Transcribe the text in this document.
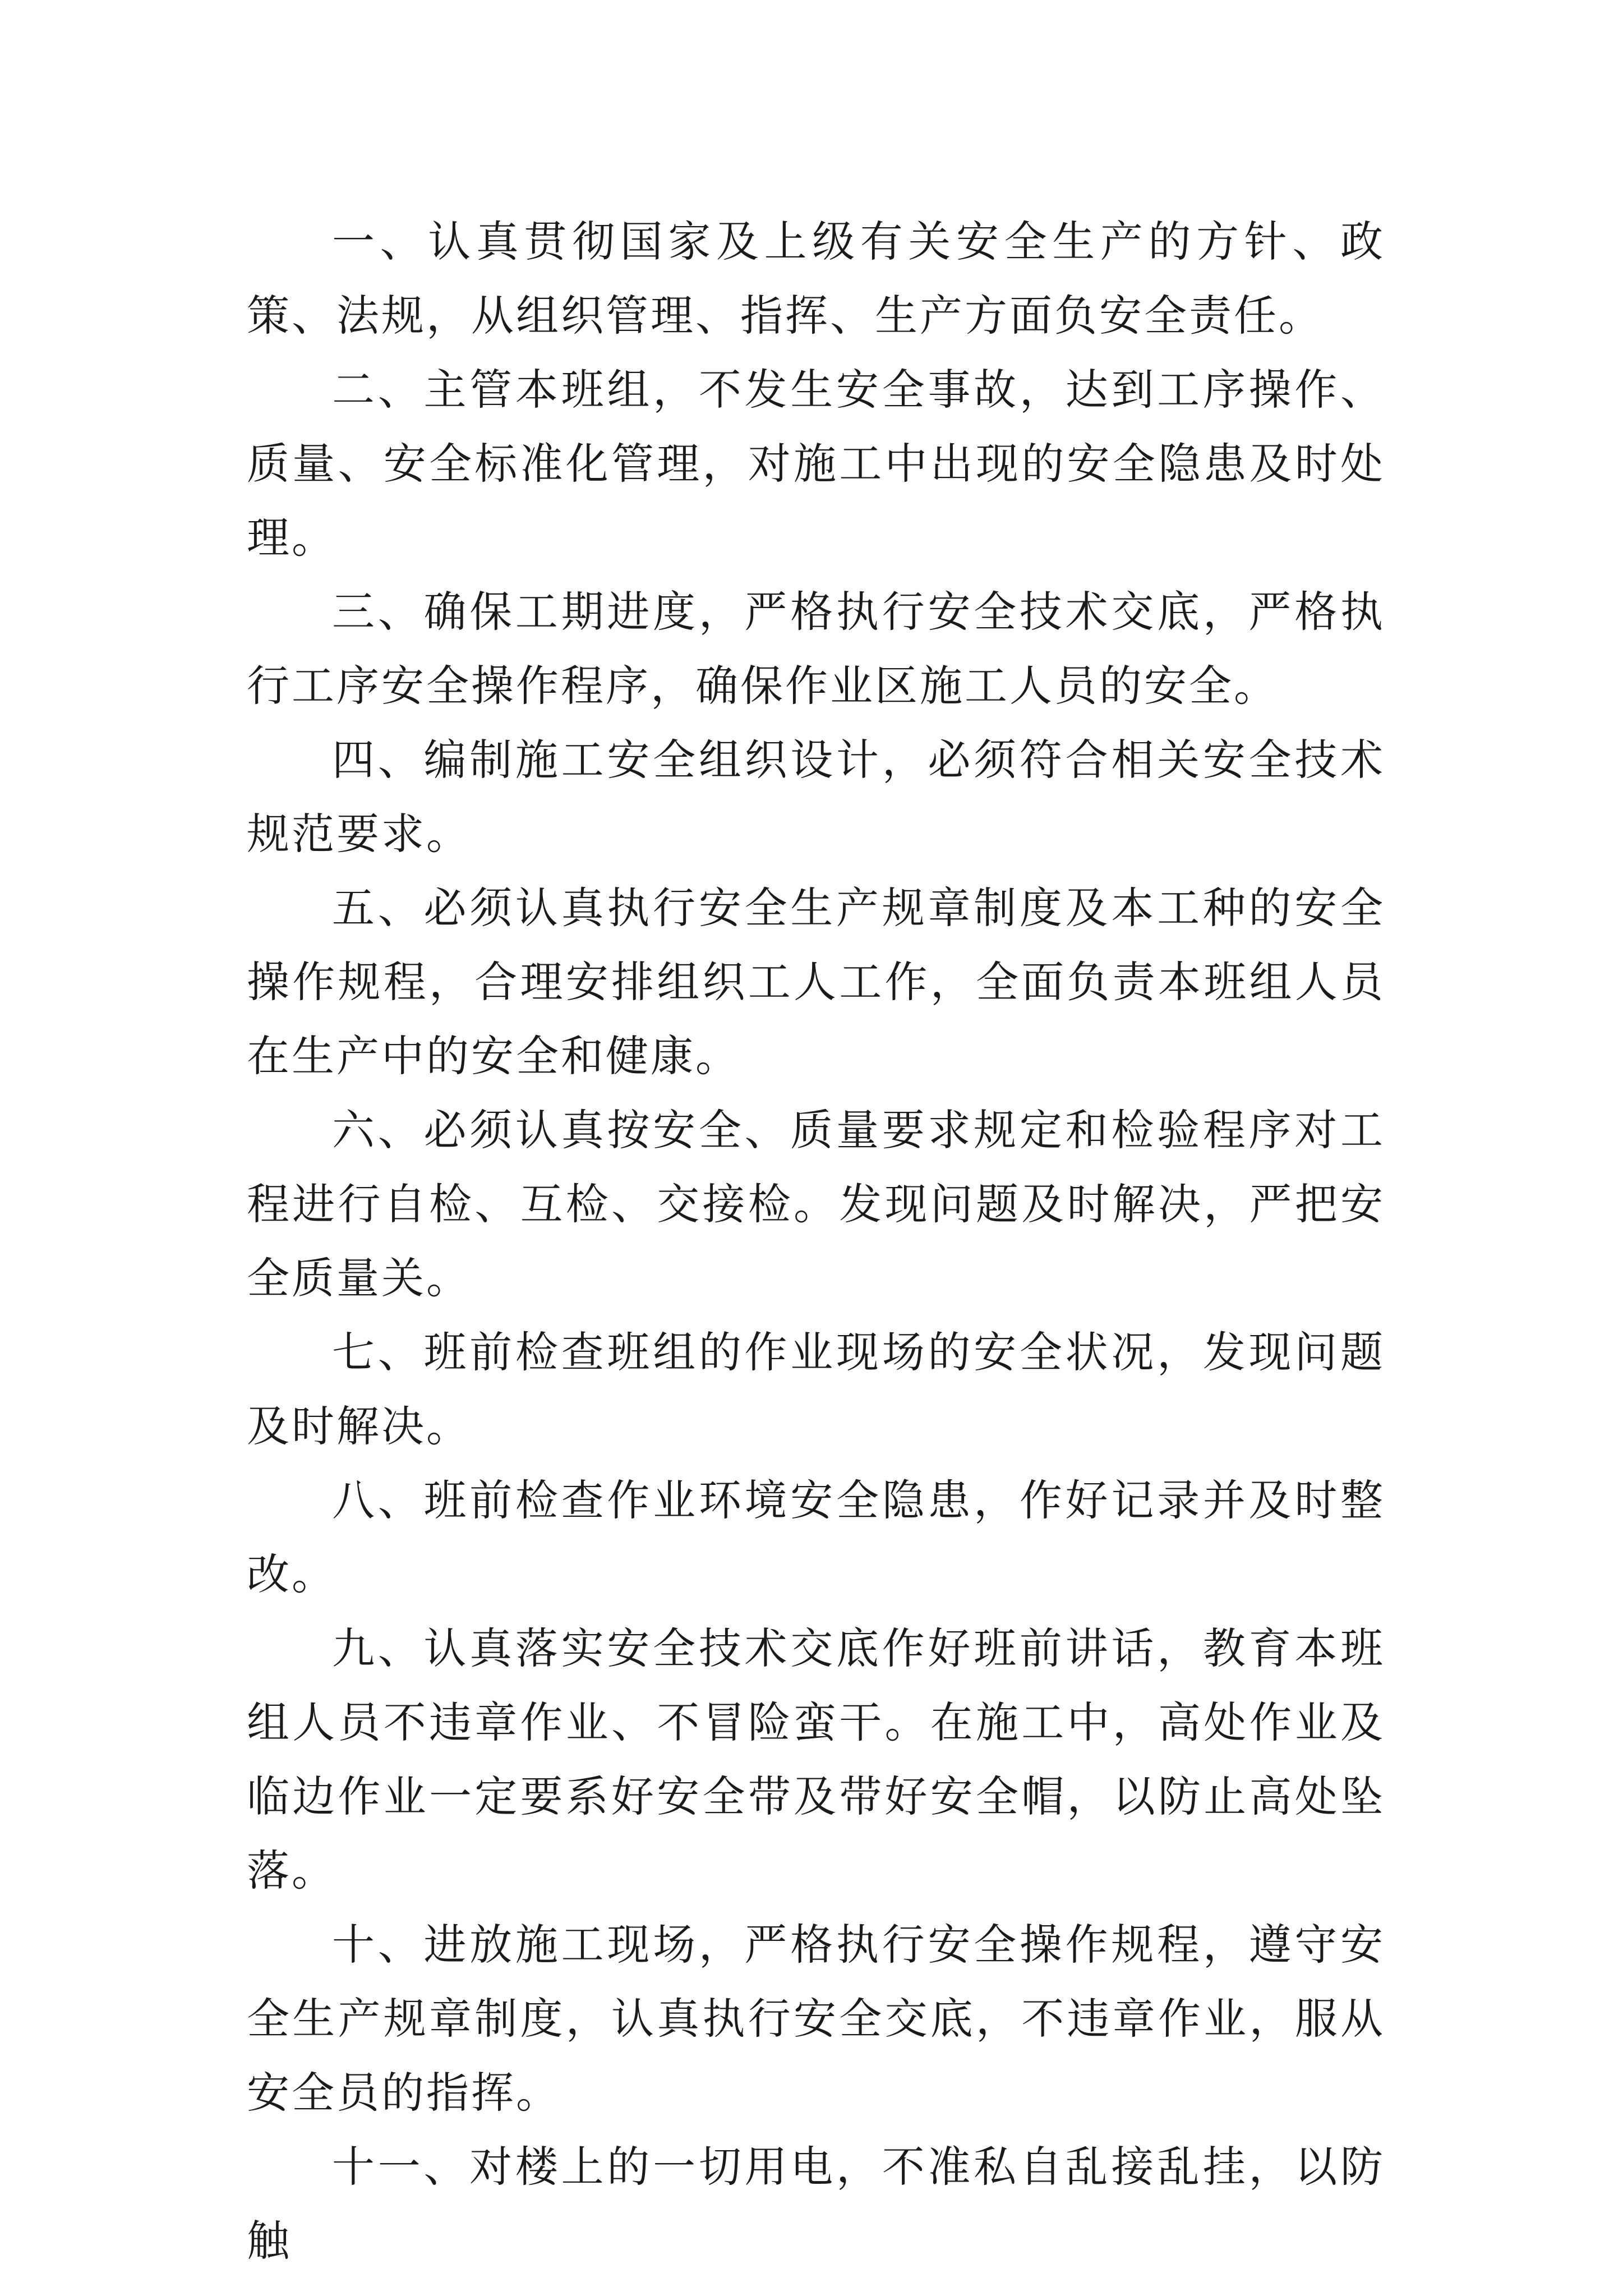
一、认真贯彻国家及上级有关安全生产的方针、政策、法规，从组织管理、指挥、生产方面负安全责任。

二、主管本班组，不发生安全事故，达到工序操作、质量、安全标准化管理，对施工中出现的安全隐患及时处理。

三、确保工期进度，严格执行安全技术交底，严格执行工序安全操作程序，确保作业区施工人员的安全。

四、编制施工安全组织设计，必须符合相关安全技术规范要求。

五、必须认真执行安全生产规章制度及本工种的安全操作规程，合理安排组织工人工作，全面负责本班组人员在生产中的安全和健康。

六、必须认真按安全、质量要求规定和检验程序对工程进行自检、互检、交接检。发现问题及时解决，严把安全质量关。

七、班前检查班组的作业现场的安全状况，发现问题及时解决。

八、班前检查作业环境安全隐患，作好记录并及时整改。

九、认真落实安全技术交底作好班前讲话，教育本班组人员不违章作业、不冒险蛮干。在施工中，高处作业及临边作业一定要系好安全带及带好安全帽，以防止高处坠落。

十、进放施工现场，严格执行安全操作规程，遵守安全生产规章制度，认真执行安全交底，不违章作业，服从安全员的指挥。

十一、对楼上的一切用电，不准私自乱接乱挂，以防触
